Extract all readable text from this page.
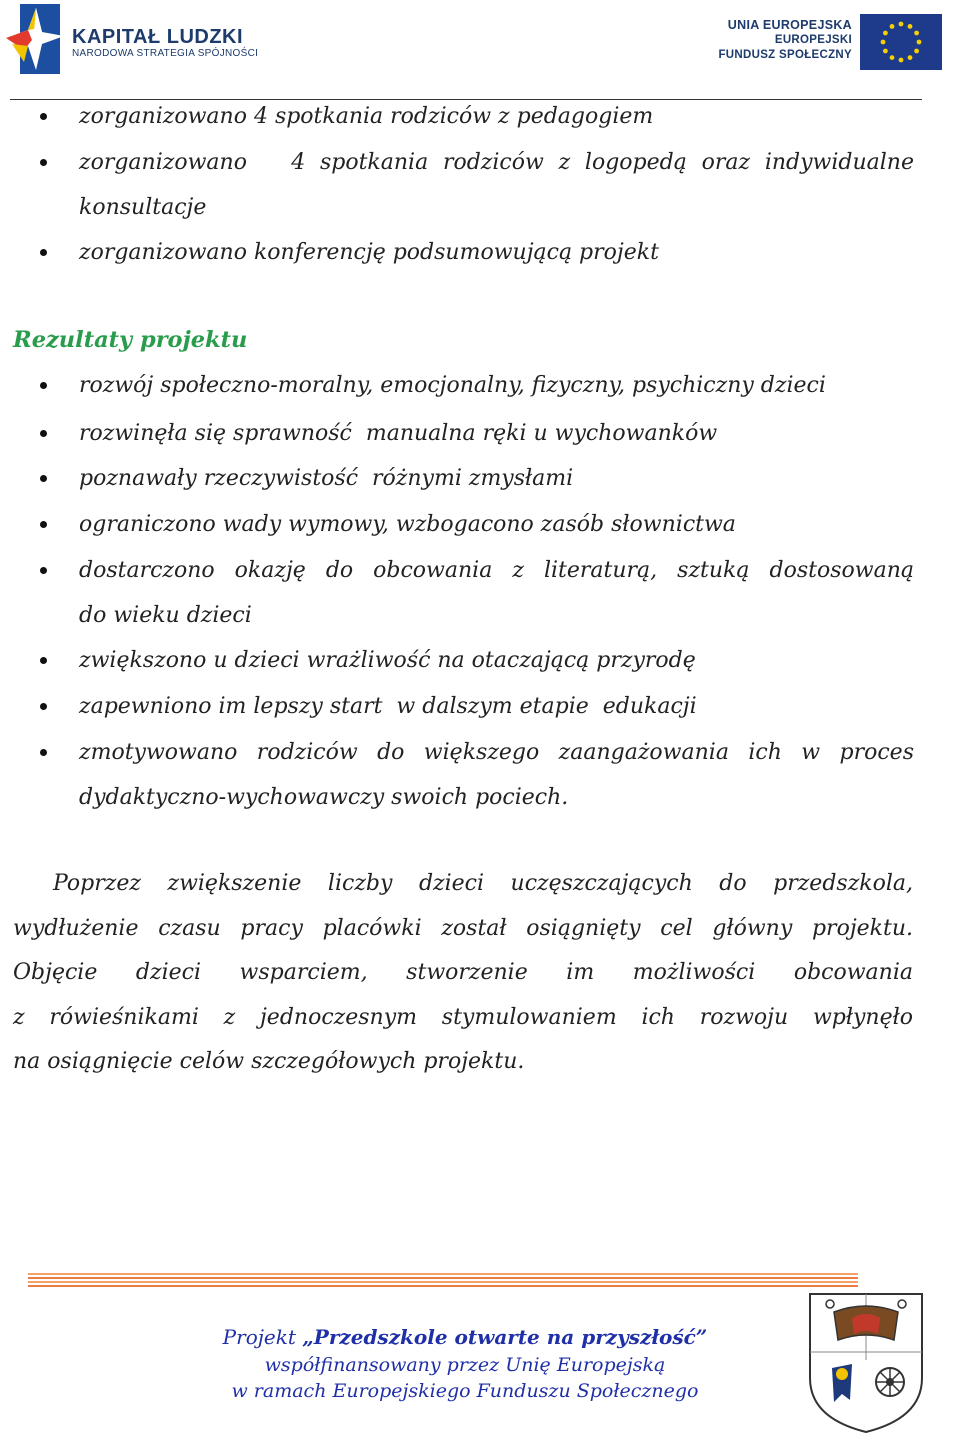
KAPITAŁ LUDZKI
NARODOWA STRATEGIA SPÓJNOŚCI
UNIA EUROPEJSKA
EUROPEJSKI
FUNDUSZ SPOŁECZNY
zorganizowano 4 spotkania rodziców z pedagogiem
zorganizowano   4 spotkania rodziców z logopedą oraz indywidualne
konsultacje
zorganizowano konferencję podsumowującą projekt
Rezultaty projektu
rozwój społeczno-moralny, emocjonalny, fizyczny, psychiczny dzieci
rozwinęła się sprawność  manualna ręki u wychowanków
poznawały rzeczywistość  różnymi zmysłami
ograniczono wady wymowy, wzbogacono zasób słownictwa
dostarczono okazję do obcowania z literaturą, sztuką dostosowaną
do wieku dzieci
zwiększono u dzieci wrażliwość na otaczającą przyrodę
zapewniono im lepszy start  w dalszym etapie  edukacji
zmotywowano rodziców do większego zaangażowania ich w proces
dydaktyczno-wychowawczy swoich pociech.
Poprzez zwiększenie liczby dzieci uczęszczających do przedszkola,
wydłużenie czasu pracy placówki został osiągnięty cel główny projektu.
Objęcie dzieci wsparciem, stworzenie im możliwości obcowania
z rówieśnikami z jednoczesnym stymulowaniem ich rozwoju wpłynęło
na osiągnięcie celów szczegółowych projektu.
Projekt „Przedszkole otwarte na przyszłość”
współfinansowany przez Unię Europejską
w ramach Europejskiego Funduszu Społecznego
